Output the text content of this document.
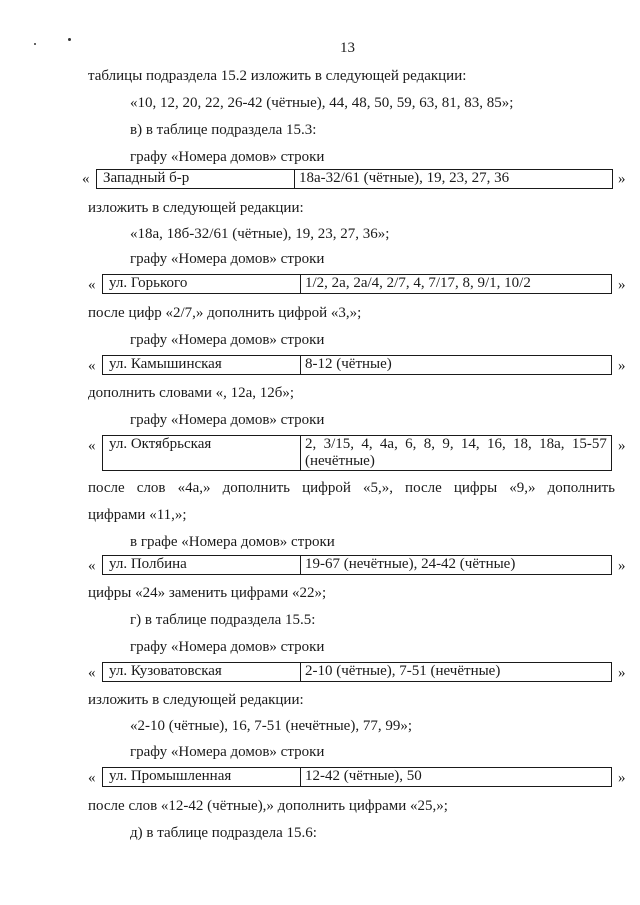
13
таблицы подраздела 15.2 изложить в следующей редакции:
«10, 12, 20, 22, 26-42 (чётные), 44, 48, 50, 59, 63, 81, 83, 85»;
в) в таблице подраздела 15.3:
графу «Номера домов» строки
« Западный б-р	18а-32/61 (чётные), 19, 23, 27, 36	»
изложить в следующей редакции:
«18а, 18б-32/61 (чётные), 19, 23, 27, 36»;
графу «Номера домов» строки
« ул. Горького	1/2, 2а, 2а/4, 2/7, 4, 7/17, 8, 9/1, 10/2	»
после цифр «2/7,» дополнить цифрой «3,»;
графу «Номера домов» строки
« ул. Камышинская	8-12 (чётные)	»
дополнить словами «, 12а, 12б»;
графу «Номера домов» строки
« ул. Октябрьская	2, 3/15, 4, 4а, 6, 8, 9, 14, 16, 18, 18а, 15-57
(нечётные)
»
после слов «4а,» дополнить цифрой «5,», после цифры «9,» дополнить
цифрами «11,»;
в графе «Номера домов» строки
« ул. Полбина	19-67 (нечётные), 24-42 (чётные)	»
цифры «24» заменить цифрами «22»;
г) в таблице подраздела 15.5:
графу «Номера домов» строки
« ул. Кузоватовская	2-10 (чётные), 7-51 (нечётные)	»
изложить в следующей редакции:
«2-10 (чётные), 16, 7-51 (нечётные), 77, 99»;
графу «Номера домов» строки
« ул. Промышленная	12-42 (чётные), 50	»
после слов «12-42 (чётные),» дополнить цифрами «25,»;
д) в таблице подраздела 15.6:
